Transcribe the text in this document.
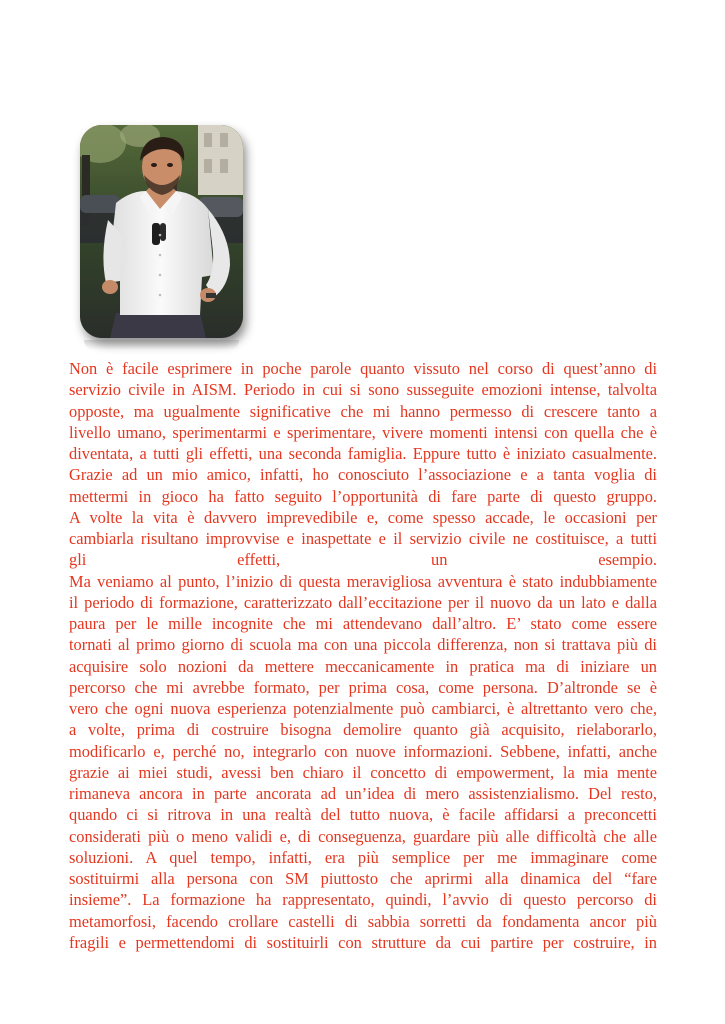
Non è facile esprimere in poche parole quanto vissuto nel corso di quest’anno di
servizio civile in AISM. Periodo in cui si sono susseguite emozioni intense, talvolta
opposte, ma ugualmente significative che mi hanno permesso di crescere tanto a
livello umano, sperimentarmi e sperimentare, vivere momenti intensi con quella che è
diventata, a tutti gli effetti, una seconda famiglia. Eppure tutto è iniziato casualmente.
Grazie ad un mio amico, infatti, ho conosciuto l’associazione e a tanta voglia di
mettermi in gioco ha fatto seguito l’opportunità di fare parte di questo gruppo.
A volte la vita è davvero imprevedibile e, come spesso accade, le occasioni per
cambiarla risultano improvvise e inaspettate e il servizio civile ne costituisce, a tutti
gli effetti, un esempio.
Ma veniamo al punto, l’inizio di questa meravigliosa avventura è stato indubbiamente
il periodo di formazione, caratterizzato dall’eccitazione per il nuovo da un lato e dalla
paura per le mille incognite che mi attendevano dall’altro. E’ stato come essere
tornati al primo giorno di scuola ma con una piccola differenza, non si trattava più di
acquisire solo nozioni da mettere meccanicamente in pratica ma di iniziare un
percorso che mi avrebbe formato, per prima cosa, come persona. D’altronde se è
vero che ogni nuova esperienza potenzialmente può cambiarci, è altrettanto vero che,
a volte, prima di costruire bisogna demolire quanto già acquisito, rielaborarlo,
modificarlo e, perché no, integrarlo con nuove informazioni. Sebbene, infatti, anche
grazie ai miei studi, avessi ben chiaro il concetto di empowerment, la mia mente
rimaneva ancora in parte ancorata ad un’idea di mero assistenzialismo. Del resto,
quando ci si ritrova in una realtà del tutto nuova, è facile affidarsi a preconcetti
considerati più o meno validi e, di conseguenza, guardare più alle difficoltà che alle
soluzioni. A quel tempo, infatti, era più semplice per me immaginare come
sostituirmi alla persona con SM piuttosto che aprirmi alla dinamica del “fare
insieme”. La formazione ha rappresentato, quindi, l’avvio di questo percorso di
metamorfosi, facendo crollare castelli di sabbia sorretti da fondamenta ancor più
fragili e permettendomi di sostituirli con strutture da cui partire per costruire, in
